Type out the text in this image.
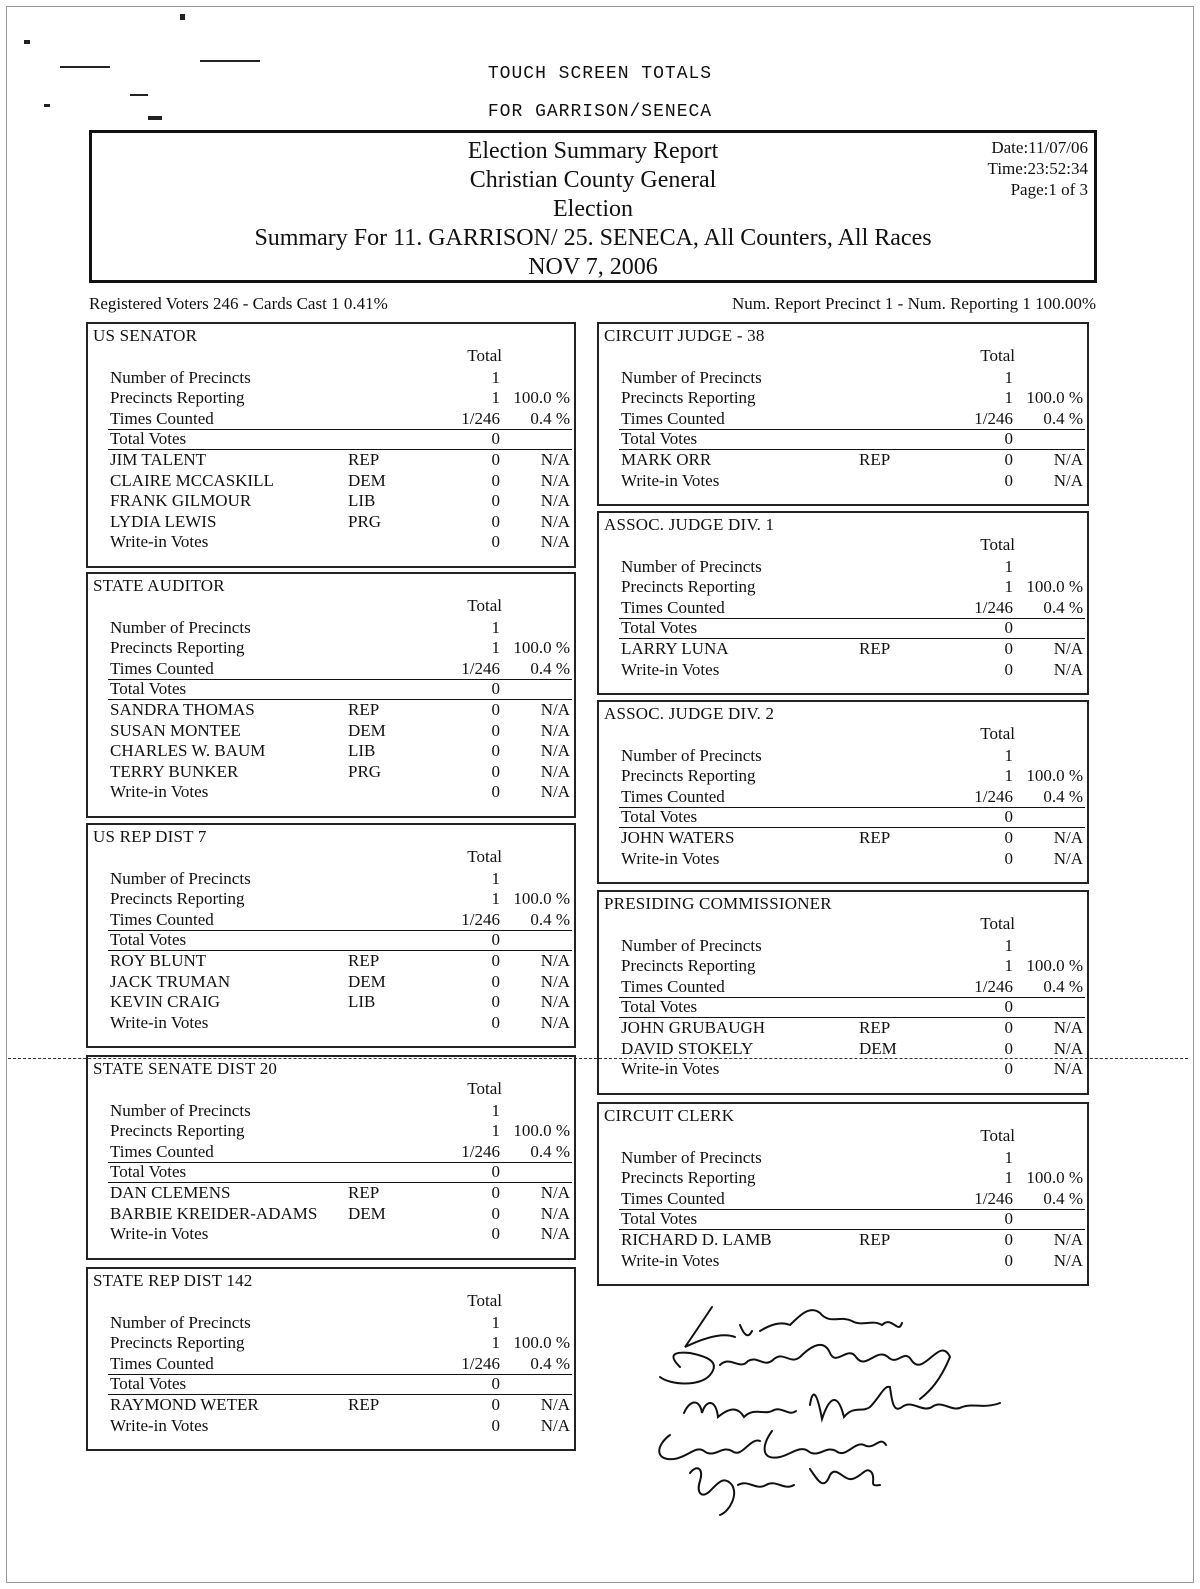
TOUCH SCREEN TOTALS
FOR GARRISON/SENECA
Election Summary Report
Christian County General
Election
Summary For 11. GARRISON/ 25. SENECA, All Counters, All Races
NOV 7, 2006
Date:11/07/06
Time:23:52:34
Page:1 of 3
Registered Voters 246 - Cards Cast 1 0.41%	Num. Report Precinct 1 - Num. Reporting 1 100.00%
US SENATOR
Total
Number of Precincts	1
Precincts Reporting	1 100.0 %
Times Counted	1/246 0.4 %
Total Votes	0
JIM TALENT	REP	0 N/A
CLAIRE MCCASKILL	DEM	0 N/A
FRANK GILMOUR	LIB	0 N/A
LYDIA LEWIS	PRG	0 N/A
Write-in Votes	0 N/A
STATE AUDITOR
Total
Number of Precincts	1
Precincts Reporting	1 100.0 %
Times Counted	1/246 0.4 %
Total Votes	0
SANDRA THOMAS	REP	0 N/A
SUSAN MONTEE	DEM	0 N/A
CHARLES W. BAUM	LIB	0 N/A
TERRY BUNKER	PRG	0 N/A
Write-in Votes	0 N/A
US REP DIST 7
Total
Number of Precincts	1
Precincts Reporting	1 100.0 %
Times Counted	1/246 0.4 %
Total Votes	0
ROY BLUNT	REP	0 N/A
JACK TRUMAN	DEM	0 N/A
KEVIN CRAIG	LIB	0 N/A
Write-in Votes	0 N/A
STATE SENATE DIST 20
Total
Number of Precincts	1
Precincts Reporting	1 100.0 %
Times Counted	1/246 0.4 %
Total Votes	0
DAN CLEMENS	REP	0 N/A
BARBIE KREIDER-ADAMS DEM	0 N/A
Write-in Votes	0 N/A
STATE REP DIST 142
Total
Number of Precincts	1
Precincts Reporting	1 100.0 %
Times Counted	1/246 0.4 %
Total Votes	0
RAYMOND WETER	REP	0 N/A
Write-in Votes	0 N/A
CIRCUIT JUDGE - 38
Total
Number of Precincts	1
Precincts Reporting	1 100.0 %
Times Counted	1/246 0.4 %
Total Votes	0
MARK ORR	REP	0 N/A
Write-in Votes	0 N/A
ASSOC. JUDGE DIV. 1
Total
Number of Precincts	1
Precincts Reporting	1 100.0 %
Times Counted	1/246 0.4 %
Total Votes	0
LARRY LUNA	REP	0 N/A
Write-in Votes	0 N/A
ASSOC. JUDGE DIV. 2
Total
Number of Precincts	1
Precincts Reporting	1 100.0 %
Times Counted	1/246 0.4 %
Total Votes	0
JOHN WATERS	REP	0 N/A
Write-in Votes	0 N/A
PRESIDING COMMISSIONER
Total
Number of Precincts	1
Precincts Reporting	1 100.0 %
Times Counted	1/246 0.4 %
Total Votes	0
JOHN GRUBAUGH	REP	0 N/A
DAVID STOKELY	DEM	0 N/A
Write-in Votes	0 N/A
CIRCUIT CLERK
Total
Number of Precincts	1
Precincts Reporting	1 100.0 %
Times Counted	1/246 0.4 %
Total Votes	0
RICHARD D. LAMB	REP	0 N/A
Write-in Votes	0 N/A
